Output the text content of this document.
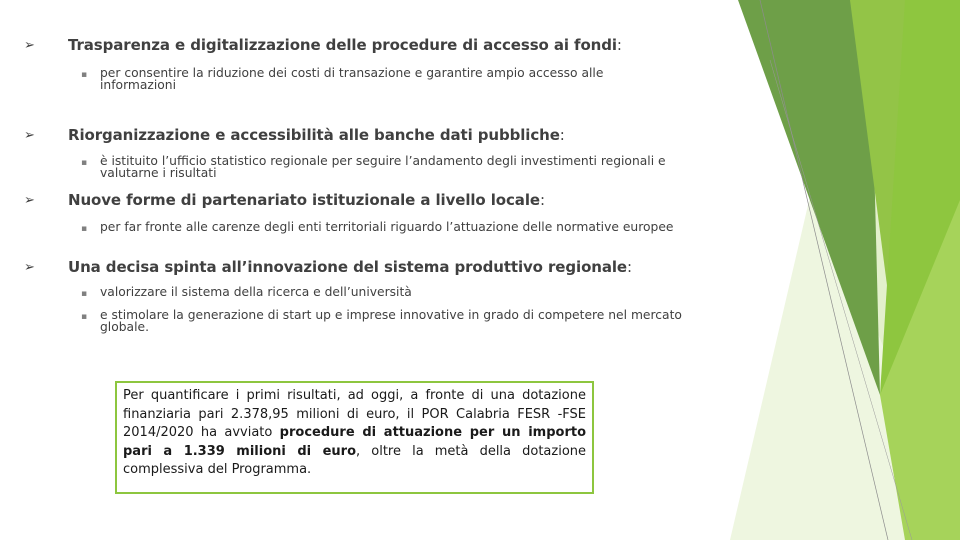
➢ Trasparenza e digitalizzazione delle procedure di accesso ai fondi:
▪ per consentire la riduzione dei costi di transazione e garantire ampio accesso alle informazioni
➢ Riorganizzazione e accessibilità alle banche dati pubbliche:
▪ è istituito l’ufficio statistico regionale per seguire l’andamento degli investimenti regionali e valutarne i risultati
➢ Nuove forme di partenariato istituzionale a livello locale:
▪ per far fronte alle carenze degli enti territoriali riguardo l’attuazione delle normative europee
➢ Una decisa spinta all’innovazione del sistema produttivo regionale:
▪ valorizzare il sistema della ricerca e dell’università
▪ e stimolare la generazione di start up e imprese innovative in grado di competere nel mercato globale.
Per quantificare i primi risultati, ad oggi, a fronte di una dotazione finanziaria pari 2.378,95 milioni di euro, il POR Calabria FESR -FSE 2014/2020 ha avviato procedure di attuazione per un importo pari a 1.339 milioni di euro, oltre la metà della dotazione complessiva del Programma.
